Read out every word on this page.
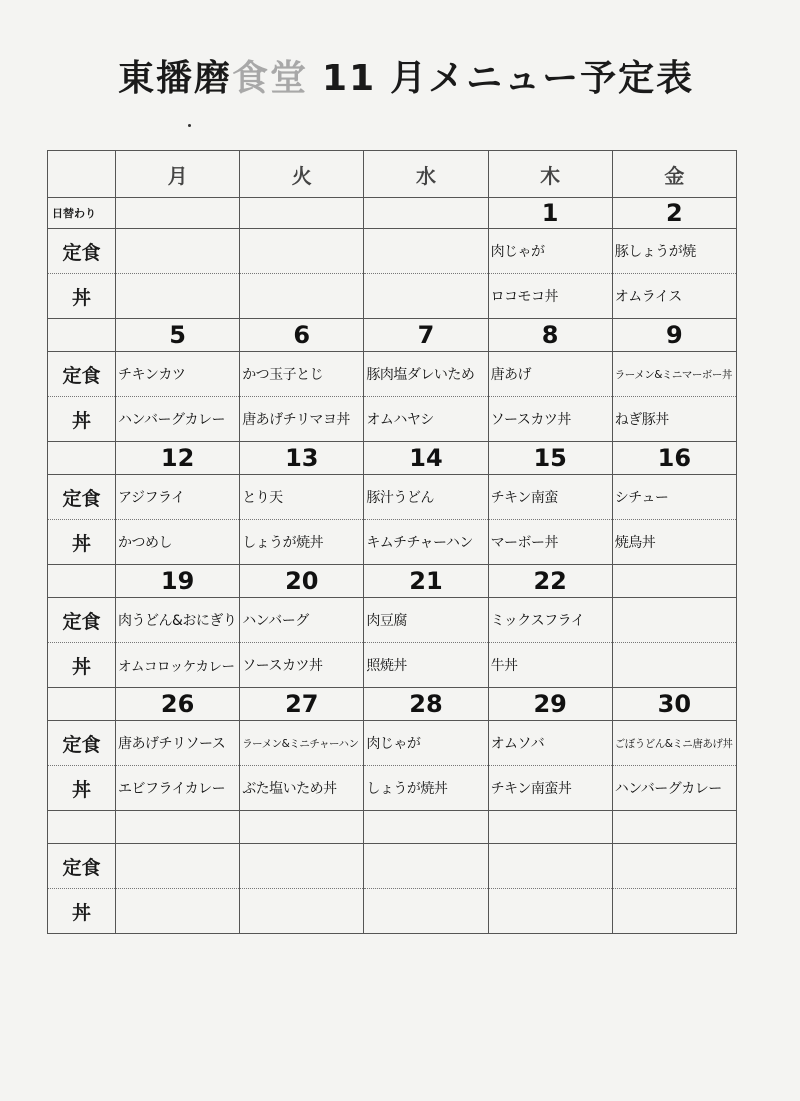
東播磨食堂 11 月メニュー予定表
	月	火	水	木	金
日替わり				1	2
定食				肉じゃが	豚しょうが焼
丼				ロコモコ丼	オムライス
	5	6	7	8	9
定食	チキンカツ	かつ玉子とじ	豚肉塩ダレいため	唐あげ	ラーメン&ミニマーボー丼
丼	ハンバーグカレー	唐あげチリマヨ丼	オムハヤシ	ソースカツ丼	ねぎ豚丼
	12	13	14	15	16
定食	アジフライ	とり天	豚汁うどん	チキン南蛮	シチュー
丼	かつめし	しょうが焼丼	キムチチャーハン	マーボー丼	焼鳥丼
	19	20	21	22	
定食	肉うどん&おにぎり	ハンバーグ	肉豆腐	ミックスフライ	
丼	オムコロッケカレー	ソースカツ丼	照焼丼	牛丼	
	26	27	28	29	30
定食	唐あげチリソース	ラーメン&ミニチャーハン	肉じゃが	オムソバ	ごぼうどん&ミニ唐あげ丼
丼	エビフライカレー	ぶた塩いため丼	しょうが焼丼	チキン南蛮丼	ハンバーグカレー

定食					
丼					
